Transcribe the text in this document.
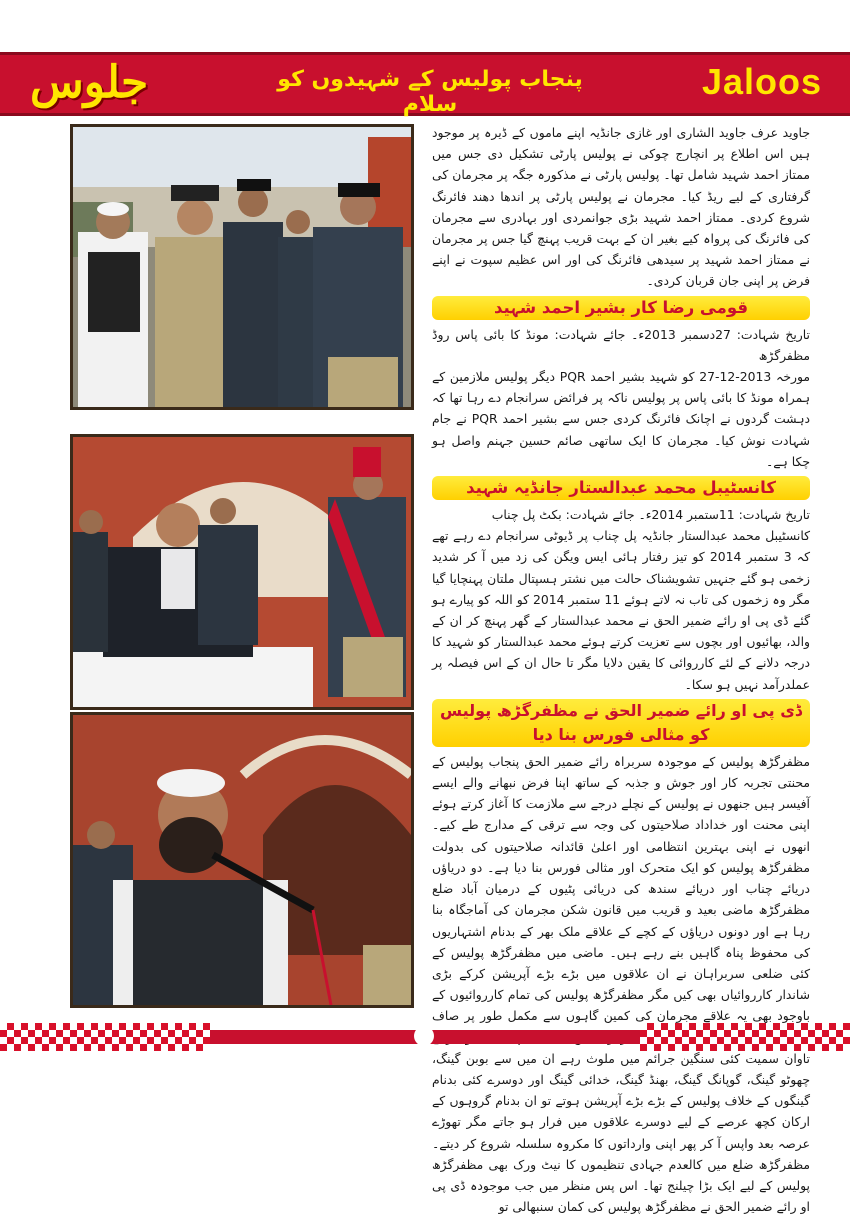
جلوس	پنجاب پولیس کے شہیدوں کو سلام
Jaloos

جاوید عرف جاوید الشاری اور غازی جانڈیہ اپنے ماموں کے ڈیرہ پر موجود ہیں اس اطلاع پر انچارج چوکی نے پولیس پارٹی تشکیل دی جس میں ممتاز احمد شہید شامل تھا۔ پولیس پارٹی نے مذکورہ جگہ پر مجرمان کی گرفتاری کے لیے ریڈ کیا۔ مجرمان نے پولیس پارٹی پر اندھا دھند فائرنگ شروع کردی۔ ممتاز احمد شہید بڑی جوانمردی اور بہادری سے مجرمان کی فائرنگ کی پرواہ کیے بغیر ان کے بہت قریب پہنچ گیا جس پر مجرمان نے ممتاز احمد شہید پر سیدھی فائرنگ کی اور اس عظیم سپوت نے اپنے فرض پر اپنی جان قربان کردی۔

قومی رضا کار بشیر احمد شہید

تاریخ شہادت: 27دسمبر 2013ء۔ جائے شہادت: مونڈ کا بائی پاس روڈ مظفرگڑھ

مورخہ 2013-12-27 کو شہید بشیر احمد PQR دیگر پولیس ملازمین کے ہمراہ مونڈ کا بائی پاس پر پولیس ناکہ پر فرائض سرانجام دے رہا تھا کہ دہشت گردوں نے اچانک فائرنگ کردی جس سے بشیر احمد PQR نے جام شہادت نوش کیا۔ مجرمان کا ایک ساتھی صائم حسین جہنم واصل ہو چکا ہے۔

کانسٹیبل محمد عبدالستار جانڈیہ شہید

تاریخ شہادت: 11ستمبر 2014ء۔ جائے شہادت: بکٹ پل چناب

کانسٹیبل محمد عبدالستار جانڈیہ پل چناب پر ڈیوٹی سرانجام دے رہے تھے کہ 3 ستمبر 2014 کو تیز رفتار ہائی ایس ویگن کی زد میں آ کر شدید زخمی ہو گئے جنہیں تشویشناک حالت میں نشتر ہسپتال ملتان پہنچایا گیا مگر وہ زخموں کی تاب نہ لاتے ہوئے 11 ستمبر 2014 کو اللہ کو پیارے ہو گئے ڈی پی او رائے ضمیر الحق نے محمد عبدالستار کے گھر پہنچ کر ان کے والد، بھائیوں اور بچوں سے تعزیت کرتے ہوئے محمد عبدالستار کو شہید کا درجہ دلانے کے لئے کارروائی کا یقین دلایا مگر تا حال ان کے اس فیصلہ پر عملدرآمد نہیں ہو سکا۔

ڈی پی او رائے ضمیر الحق نے مظفرگڑھ پولیس کو مثالی فورس بنا دیا

مظفرگڑھ پولیس کے موجودہ سربراہ رائے ضمیر الحق پنجاب پولیس کے محنتی تجربہ کار اور جوش و جذبہ کے ساتھ اپنا فرض نبھانے والے ایسے آفیسر ہیں جنھوں نے پولیس کے نچلے درجے سے ملازمت کا آغاز کرتے ہوئے اپنی محنت اور خداداد صلاحیتوں کی وجہ سے ترقی کے مدارج طے کیے۔ انھوں نے اپنی بہترین انتظامی اور اعلیٰ قائدانہ صلاحیتوں کی بدولت مظفرگڑھ پولیس کو ایک متحرک اور مثالی فورس بنا دیا ہے۔ دو دریاؤں دریائے چناب اور دریائے سندھ کی دریائی پٹیوں کے درمیان آباد ضلع مظفرگڑھ ماضی بعید و قریب میں قانون شکن مجرمان کی آماجگاہ بنا رہا ہے اور دونوں دریاؤں کے کچے کے علاقے ملک بھر کے بدنام اشتہاریوں کی محفوظ پناہ گاہیں بنے رہے ہیں۔ ماضی میں مظفرگڑھ پولیس کے کئی ضلعی سربراہان نے ان علاقوں میں بڑے بڑے آپریشن کرکے بڑی شاندار کارروائیاں بھی کیں مگر مظفرگڑھ پولیس کی تمام کارروائیوں کے باوجود بھی یہ علاقے مجرمان کی کمین گاہوں سے مکمل طور پر صاف تاوان سمیت کئی سنگین جرائم میں ملوث رہے ان میں سے بوبن گینگ، چھوٹو گینگ، گوپانگ گینگ، بھنڈ گینگ، خدائی گینگ اور دوسرے کئی بدنام گینگوں کے خلاف پولیس کے بڑے بڑے آپریشن ہوتے تو ان بدنام گروہوں کے ارکان کچھ عرصے کے لیے دوسرے علاقوں میں فرار ہو جاتے مگر تھوڑے عرصہ بعد واپس آ کر پھر اپنی وارداتوں کا مکروہ سلسلہ شروع کر دیتے۔ مظفرگڑھ ضلع میں کالعدم جہادی تنظیموں کا نیٹ ورک بھی مظفرگڑھ پولیس کے لیے ایک بڑا چیلنج تھا۔ اس پس منظر میں جب موجودہ ڈی پی او رائے ضمیر الحق نے مظفرگڑھ پولیس کی کمان سنبھالی تو
